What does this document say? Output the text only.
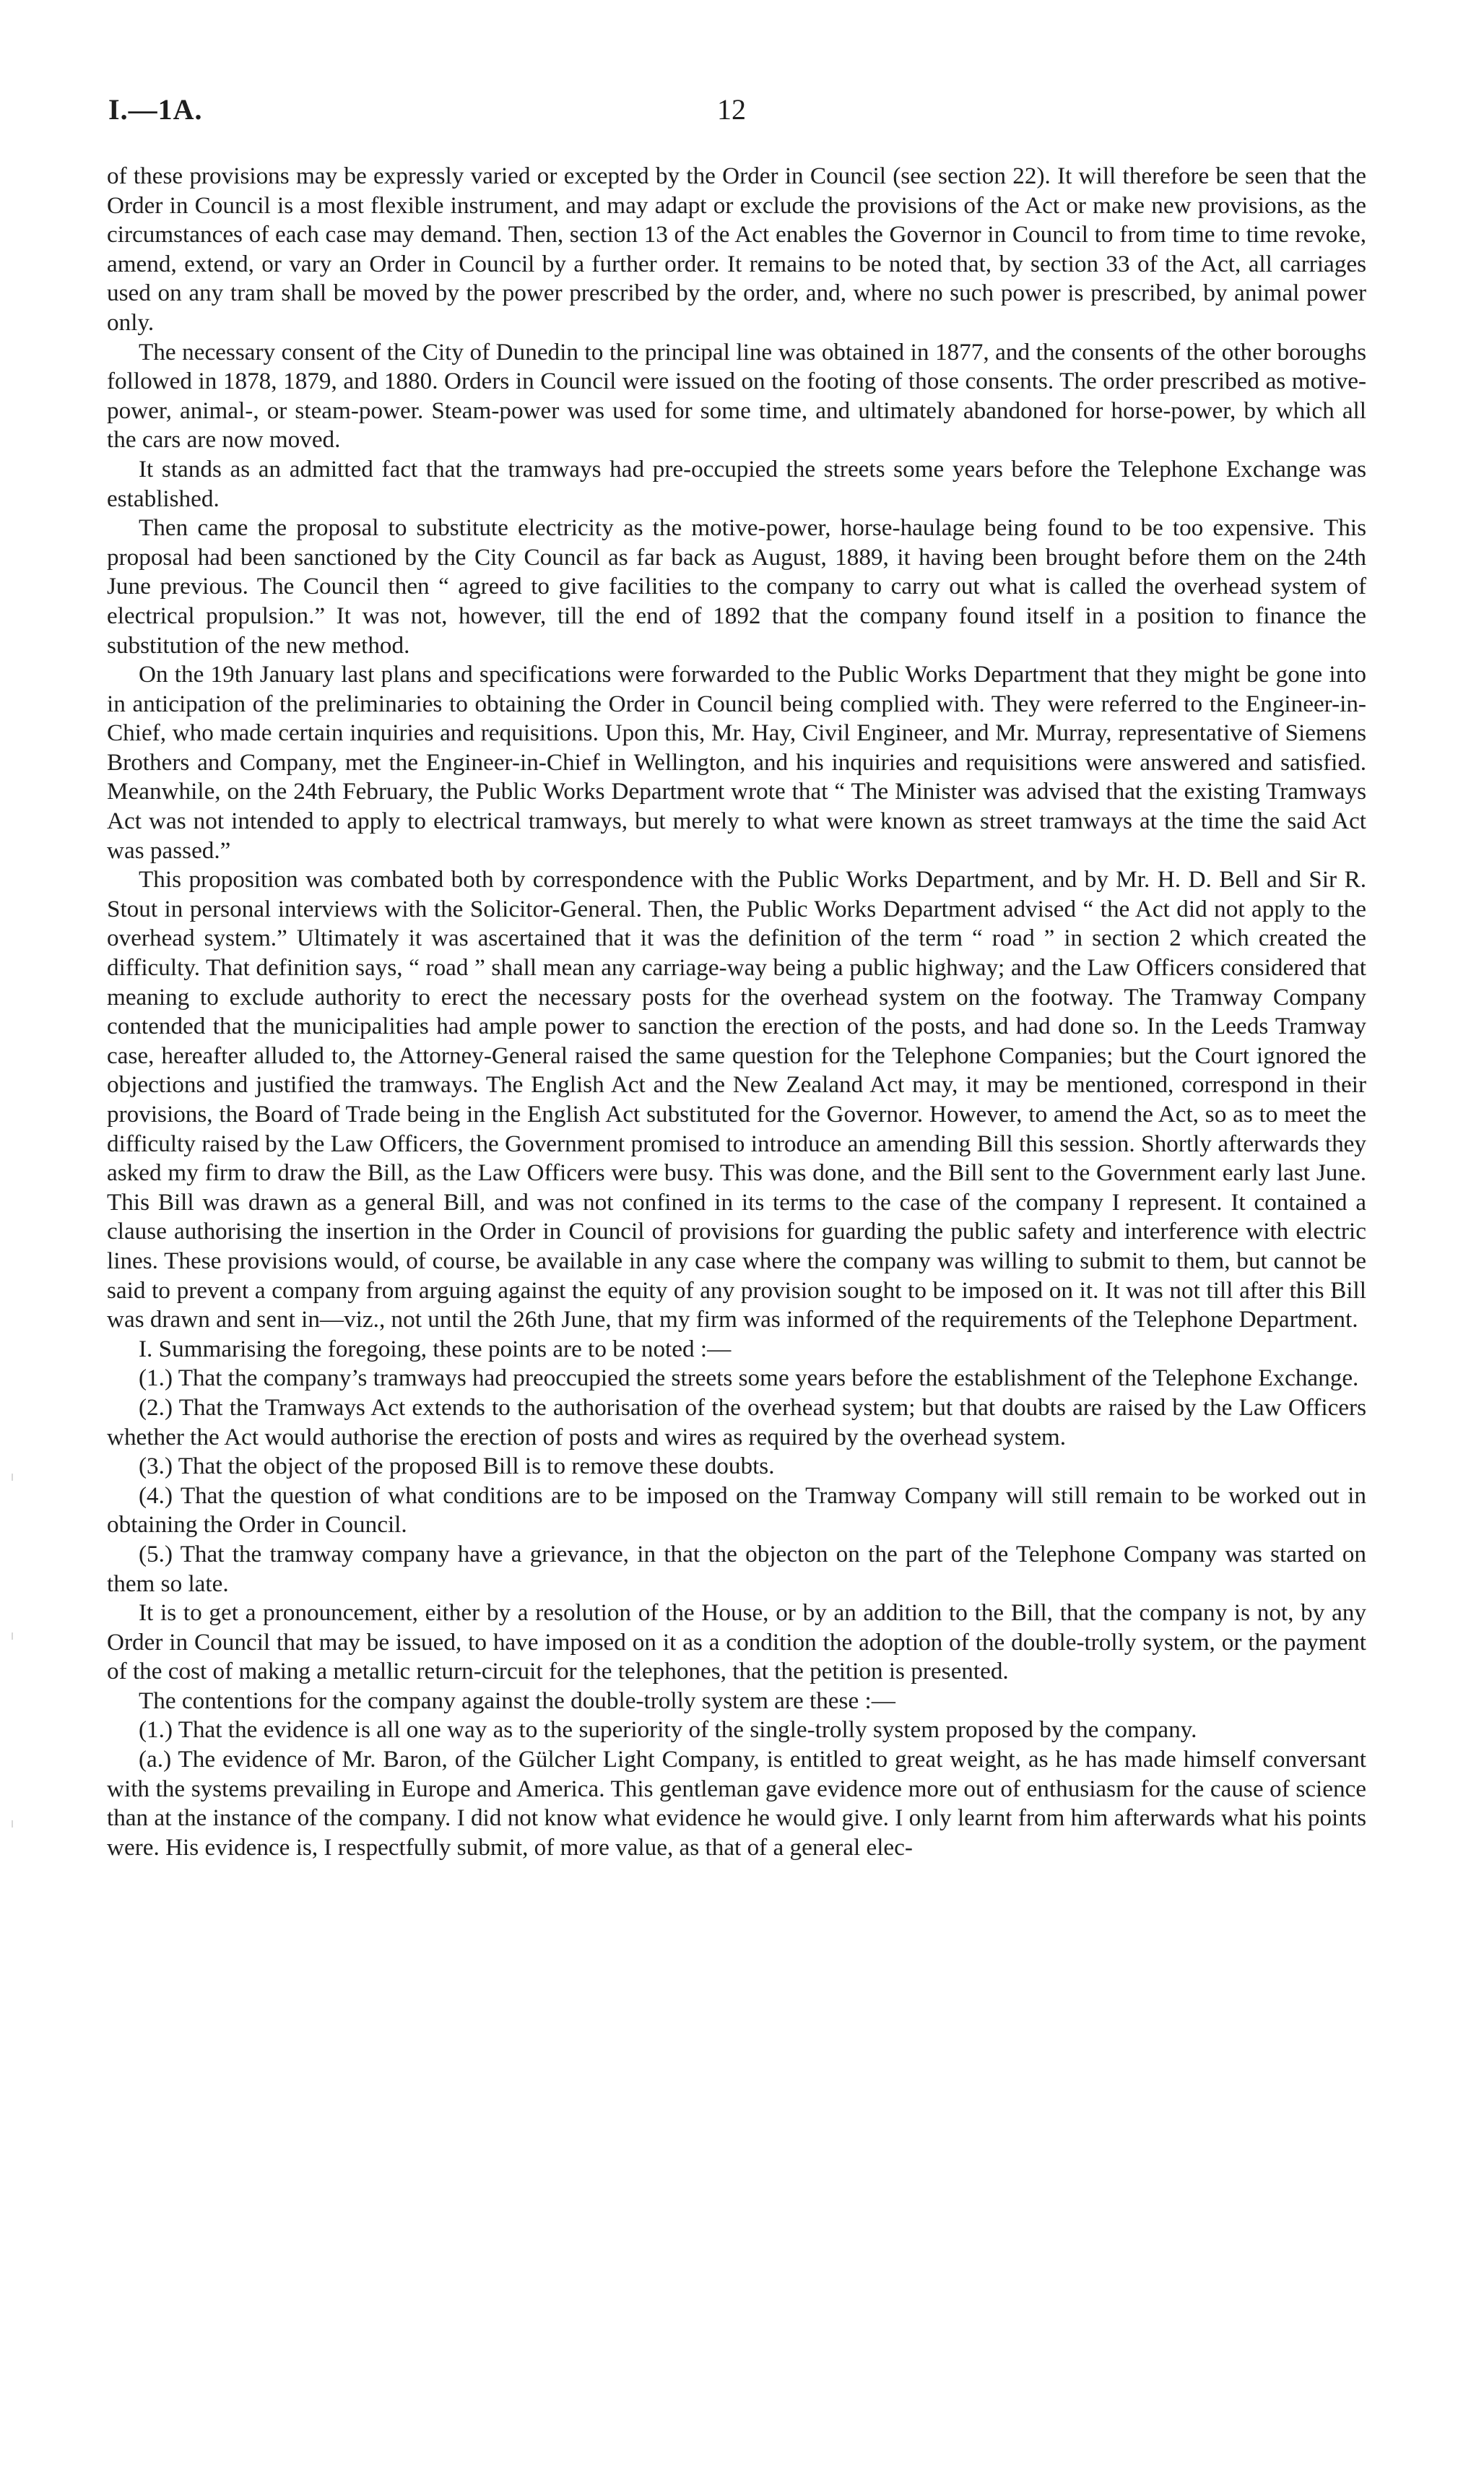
I.—1A.	12

of these provisions may be expressly varied or excepted by the Order in Council (see section 22). It will therefore be seen that the Order in Council is a most flexible instrument, and may adapt or exclude the provisions of the Act or make new provisions, as the circumstances of each case may demand. Then, section 13 of the Act enables the Governor in Council to from time to time revoke, amend, extend, or vary an Order in Council by a further order. It remains to be noted that, by section 33 of the Act, all carriages used on any tram shall be moved by the power prescribed by the order, and, where no such power is prescribed, by animal power only.

The necessary consent of the City of Dunedin to the principal line was obtained in 1877, and the consents of the other boroughs followed in 1878, 1879, and 1880. Orders in Council were issued on the footing of those consents. The order prescribed as motive-power, animal-, or steam-power. Steam-power was used for some time, and ultimately abandoned for horse-power, by which all the cars are now moved.

It stands as an admitted fact that the tramways had pre-occupied the streets some years before the Telephone Exchange was established.

Then came the proposal to substitute electricity as the motive-power, horse-haulage being found to be too expensive. This proposal had been sanctioned by the City Council as far back as August, 1889, it having been brought before them on the 24th June previous. The Council then “ agreed to give facilities to the company to carry out what is called the overhead system of electrical propulsion.” It was not, however, till the end of 1892 that the company found itself in a position to finance the substitution of the new method.

On the 19th January last plans and specifications were forwarded to the Public Works Department that they might be gone into in anticipation of the preliminaries to obtaining the Order in Council being complied with. They were referred to the Engineer-in-Chief, who made certain inquiries and requisitions. Upon this, Mr. Hay, Civil Engineer, and Mr. Murray, representative of Siemens Brothers and Company, met the Engineer-in-Chief in Wellington, and his inquiries and requisitions were answered and satisfied. Meanwhile, on the 24th February, the Public Works Department wrote that “ The Minister was advised that the existing Tramways Act was not intended to apply to electrical tramways, but merely to what were known as street tramways at the time the said Act was passed.”

This proposition was combated both by correspondence with the Public Works Department, and by Mr. H. D. Bell and Sir R. Stout in personal interviews with the Solicitor-General. Then, the Public Works Department advised “ the Act did not apply to the overhead system.” Ultimately it was ascertained that it was the definition of the term “ road ” in section 2 which created the difficulty. That definition says, “ road ” shall mean any carriage-way being a public highway; and the Law Officers considered that meaning to exclude authority to erect the necessary posts for the overhead system on the footway. The Tramway Company contended that the municipalities had ample power to sanction the erection of the posts, and had done so. In the Leeds Tramway case, hereafter alluded to, the Attorney-General raised the same question for the Telephone Companies; but the Court ignored the objections and justified the tramways. The English Act and the New Zealand Act may, it may be mentioned, correspond in their provisions, the Board of Trade being in the English Act substituted for the Governor. However, to amend the Act, so as to meet the difficulty raised by the Law Officers, the Government promised to introduce an amending Bill this session. Shortly afterwards they asked my firm to draw the Bill, as the Law Officers were busy. This was done, and the Bill sent to the Government early last June. This Bill was drawn as a general Bill, and was not confined in its terms to the case of the company I represent. It contained a clause authorising the insertion in the Order in Council of provisions for guarding the public safety and interference with electric lines. These provisions would, of course, be available in any case where the company was willing to submit to them, but cannot be said to prevent a company from arguing against the equity of any provision sought to be imposed on it. It was not till after this Bill was drawn and sent in—viz., not until the 26th June, that my firm was informed of the requirements of the Telephone Department.

I. Summarising the foregoing, these points are to be noted :—

(1.) That the company’s tramways had preoccupied the streets some years before the establishment of the Telephone Exchange.

(2.) That the Tramways Act extends to the authorisation of the overhead system; but that doubts are raised by the Law Officers whether the Act would authorise the erection of posts and wires as required by the overhead system.

(3.) That the object of the proposed Bill is to remove these doubts.

(4.) That the question of what conditions are to be imposed on the Tramway Company will still remain to be worked out in obtaining the Order in Council.

(5.) That the tramway company have a grievance, in that the objecton on the part of the Telephone Company was started on them so late.

It is to get a pronouncement, either by a resolution of the House, or by an addition to the Bill, that the company is not, by any Order in Council that may be issued, to have imposed on it as a condition the adoption of the double-trolly system, or the payment of the cost of making a metallic return-circuit for the telephones, that the petition is presented.

The contentions for the company against the double-trolly system are these :—

(1.) That the evidence is all one way as to the superiority of the single-trolly system proposed by the company.

(a.) The evidence of Mr. Baron, of the Gülcher Light Company, is entitled to great weight, as he has made himself conversant with the systems prevailing in Europe and America. This gentleman gave evidence more out of enthusiasm for the cause of science than at the instance of the company. I did not know what evidence he would give. I only learnt from him afterwards what his points were. His evidence is, I respectfully submit, of more value, as that of a general elec-
